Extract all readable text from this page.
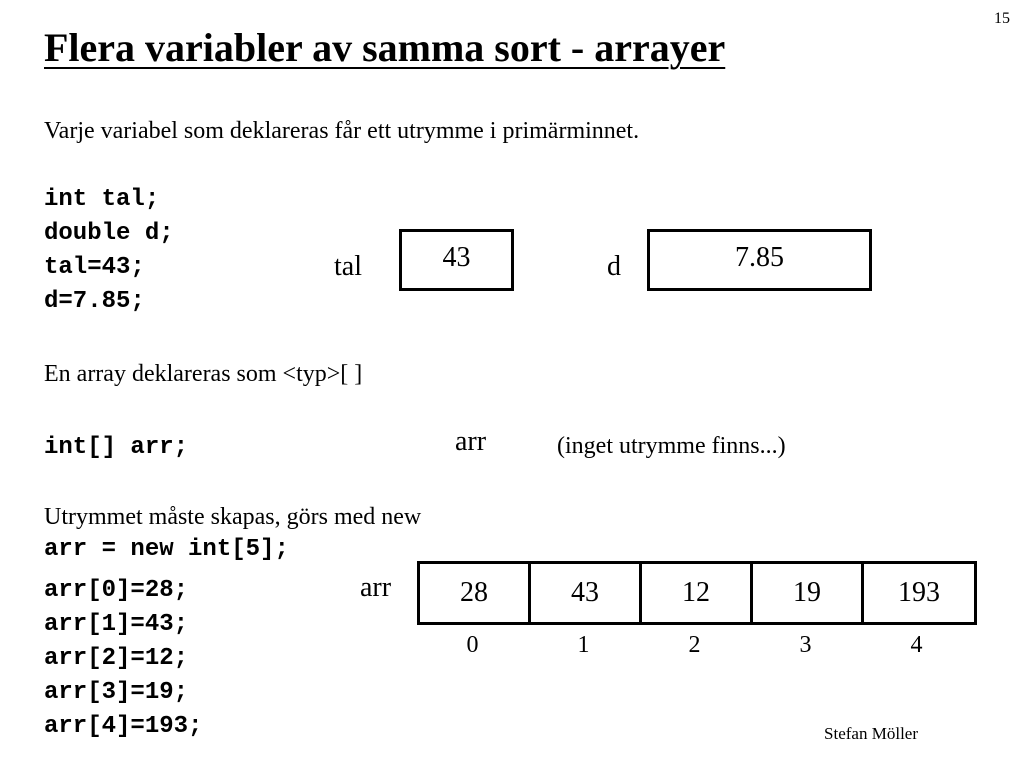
15
Flera variabler av samma sort - arrayer
Varje variabel som deklareras får ett utrymme i primärminnet.
int tal;
double d;
tal=43;
d=7.85;
tal	43	d	7.85
En array deklareras som <typ>[ ]
int[] arr;	arr	(inget utrymme finns...)
Utrymmet måste skapas, görs med new
arr = new int[5];
arr[0]=28;
arr[1]=43;
arr[2]=12;
arr[3]=19;
arr[4]=193;
arr	28	43	12	19	193
0	1	2	3	4
Stefan Möller
